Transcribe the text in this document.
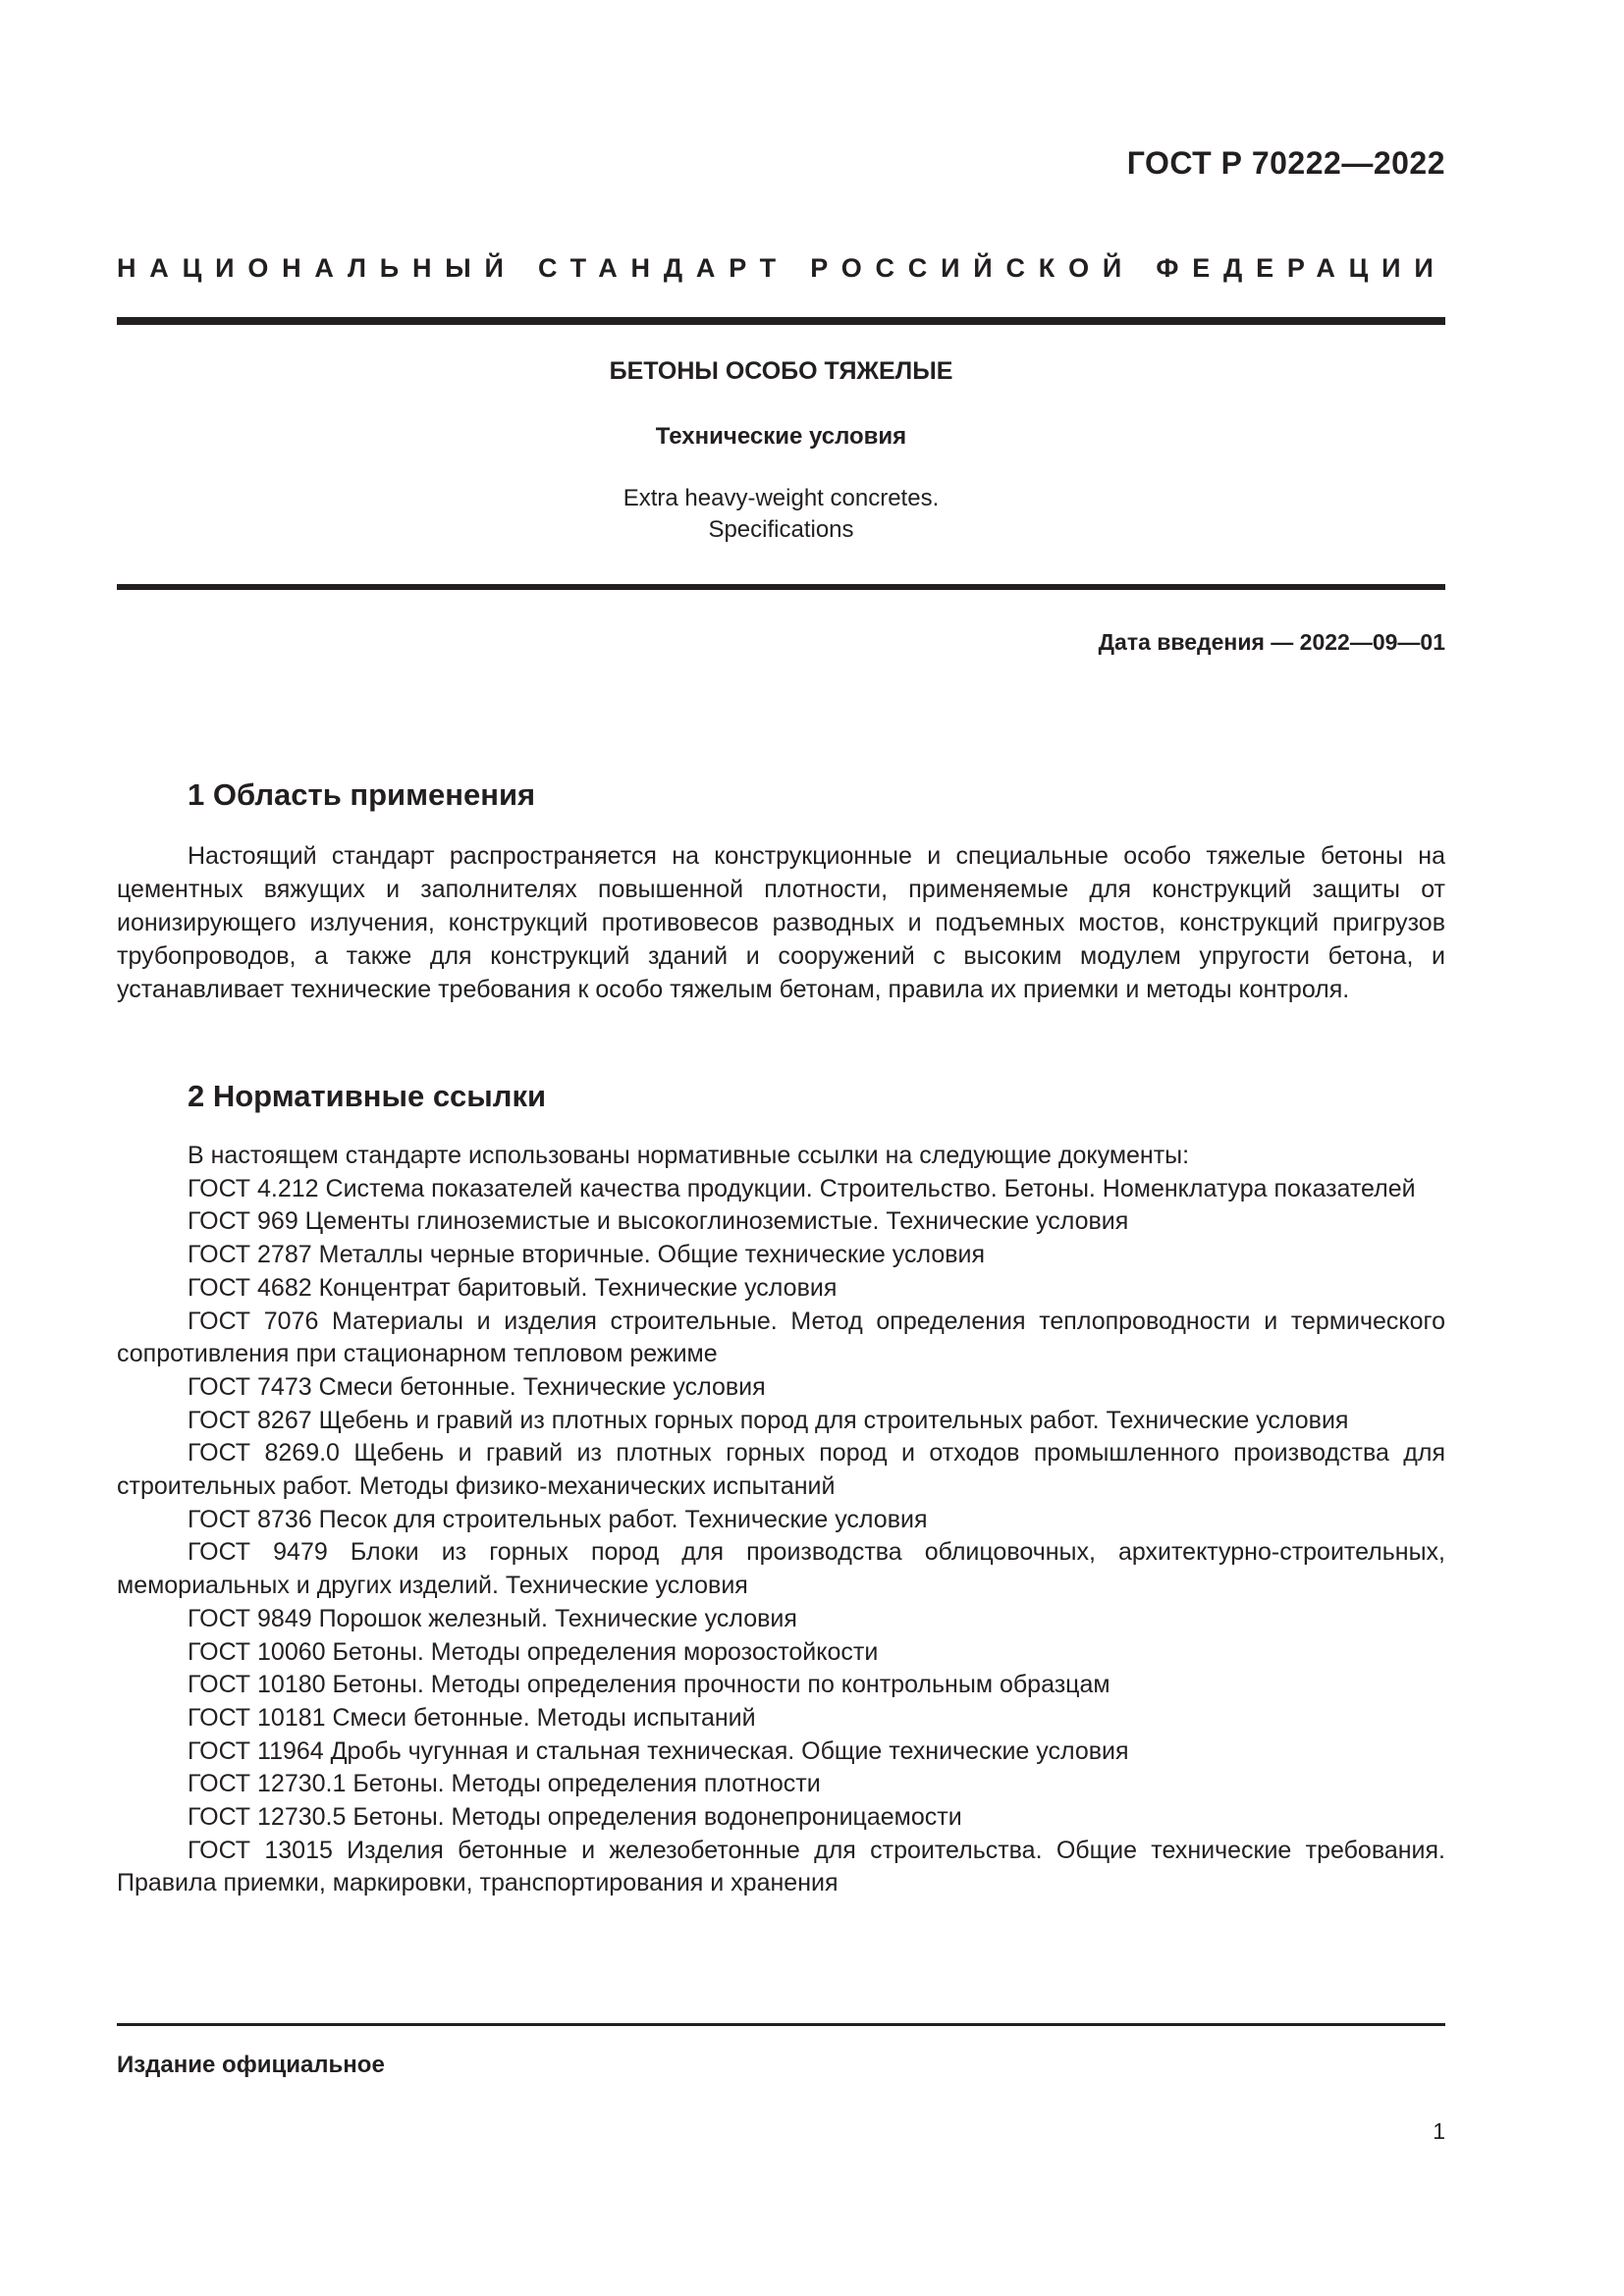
ГОСТ Р 70222—2022
НАЦИОНАЛЬНЫЙ СТАНДАРТ РОССИЙСКОЙ ФЕДЕРАЦИИ
БЕТОНЫ ОСОБО ТЯЖЕЛЫЕ
Технические условия
Extra heavy-weight concretes.
Specifications
Дата введения — 2022—09—01
1 Область применения

Настоящий стандарт распространяется на конструкционные и специальные особо тяжелые бетоны на цементных вяжущих и заполнителях повышенной плотности, применяемые для конструкций защиты от ионизирующего излучения, конструкций противовесов разводных и подъемных мостов, конструкций пригрузов трубопроводов, а также для конструкций зданий и сооружений с высоким модулем упругости бетона, и устанавливает технические требования к особо тяжелым бетонам, правила их приемки и методы контроля.

2 Нормативные ссылки
В настоящем стандарте использованы нормативные ссылки на следующие документы:
ГОСТ 4.212 Система показателей качества продукции. Строительство. Бетоны. Номенклатура показателей
ГОСТ 969 Цементы глиноземистые и высокоглиноземистые. Технические условия
ГОСТ 2787 Металлы черные вторичные. Общие технические условия
ГОСТ 4682 Концентрат баритовый. Технические условия
ГОСТ 7076 Материалы и изделия строительные. Метод определения теплопроводности и термического сопротивления при стационарном тепловом режиме
ГОСТ 7473 Смеси бетонные. Технические условия
ГОСТ 8267 Щебень и гравий из плотных горных пород для строительных работ. Технические условия
ГОСТ 8269.0 Щебень и гравий из плотных горных пород и отходов промышленного производства для строительных работ. Методы физико-механических испытаний
ГОСТ 8736 Песок для строительных работ. Технические условия
ГОСТ 9479 Блоки из горных пород для производства облицовочных, архитектурно-строительных, мемориальных и других изделий. Технические условия
ГОСТ 9849 Порошок железный. Технические условия
ГОСТ 10060 Бетоны. Методы определения морозостойкости
ГОСТ 10180 Бетоны. Методы определения прочности по контрольным образцам
ГОСТ 10181 Смеси бетонные. Методы испытаний
ГОСТ 11964 Дробь чугунная и стальная техническая. Общие технические условия
ГОСТ 12730.1 Бетоны. Методы определения плотности
ГОСТ 12730.5 Бетоны. Методы определения водонепроницаемости
ГОСТ 13015 Изделия бетонные и железобетонные для строительства. Общие технические требования. Правила приемки, маркировки, транспортирования и хранения
Издание официальное
1
